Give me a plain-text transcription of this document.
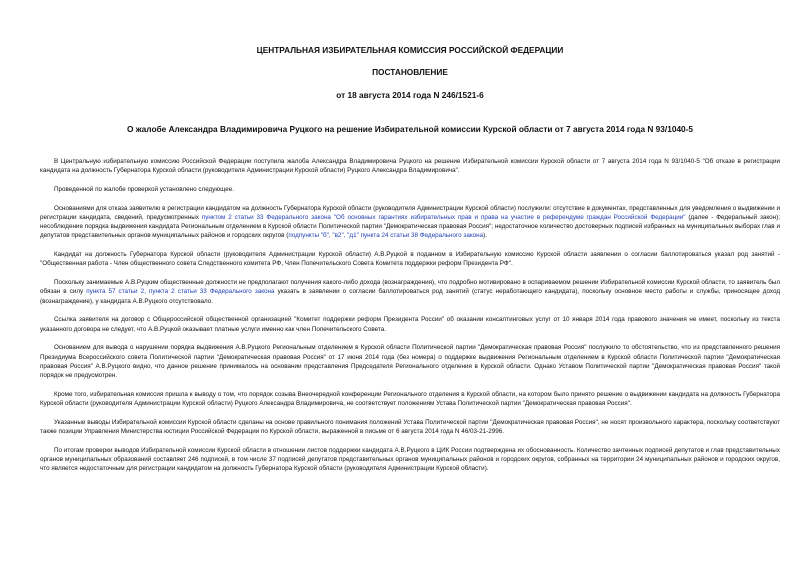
ЦЕНТРАЛЬНАЯ ИЗБИРАТЕЛЬНАЯ КОМИССИЯ РОССИЙСКОЙ ФЕДЕРАЦИИ
ПОСТАНОВЛЕНИЕ
от 18 августа 2014 года N 246/1521-6
О жалобе Александра Владимировича Руцкого на решение Избирательной комиссии Курской области от 7 августа 2014 года N 93/1040-5

В Центральную избирательную комиссию Российской Федерации поступила жалоба Александра Владимировича Руцкого на решение Избирательной комиссии Курской области от 7 августа 2014 года N 93/1040-5 "Об отказе в регистрации кандидата на должность Губернатора Курской области (руководителя Администрации Курской области) Руцкого Александра Владимировича".

Проведенной по жалобе проверкой установлено следующее.

Основаниями для отказа заявителю в регистрации кандидатом на должность Губернатора Курской области (руководителя Администрации Курской области) послужили: отсутствие в документах, представленных для уведомления о выдвижении и регистрации кандидата, сведений, предусмотренных пунктом 2 статьи 33 Федерального закона "Об основных гарантиях избирательных прав и права на участие в референдуме граждан Российской Федерации" (далее - Федеральный закон); несоблюдение порядка выдвижения кандидата Региональным отделением в Курской области Политической партии "Демократическая правовая Россия"; недостаточное количество достоверных подписей избранных на муниципальных выборах глав и депутатов представительных органов муниципальных районов и городских округов (подпункты "б", "в2", "д1" пункта 24 статьи 38 Федерального закона).

Кандидат на должность Губернатора Курской области (руководителя Администрации Курской области) А.В.Руцкой в поданном в Избирательную комиссию Курской области заявлении о согласии баллотироваться указал род занятий - "Общественная работа - Член общественного совета Следственного комитета РФ, Член Попечительского Совета Комитета поддержки реформ Президента РФ".

Поскольку занимаемые А.В.Руцким общественные должности не предполагают получения какого-либо дохода (вознаграждения), что подробно мотивировано в оспариваемом решении Избирательной комиссии Курской области, то заявитель был обязан в силу пункта 57 статьи 2, пункта 2 статьи 33 Федерального закона указать в заявлении о согласии баллотироваться род занятий (статус неработающего кандидата), поскольку основное место работы и службы, приносящее доход (вознаграждение), у кандидата А.В.Руцкого отсутствовало.

Ссылка заявителя на договор с Общероссийской общественной организацией "Комитет поддержки реформ Президента России" об оказании консалтинговых услуг от 10 января 2014 года правового значения не имеет, поскольку из текста указанного договора не следует, что А.В.Руцкой оказывает платные услуги именно как член Попечительского Совета.

Основанием для вывода о нарушении порядка выдвижения А.В.Руцкого Региональным отделением в Курской области Политической партии "Демократическая правовая Россия" послужило то обстоятельство, что из представленного решения Президиума Всероссийского совета Политической партии "Демократическая правовая Россия" от 17 июня 2014 года (без номера) о поддержке выдвижения Региональным отделением в Курской области Политической партии "Демократическая правовая Россия" А.В.Руцкого видно, что данное решение принималось на основании представления Председателя Регионального отделения в Курской области. Однако Уставом Политической партии "Демократическая правовая Россия" такой порядок не предусмотрен.

Кроме того, избирательная комиссия пришла к выводу о том, что порядок созыва Внеочередной конференции Регионального отделения в Курской области, на котором было принято решение о выдвижении кандидата на должность Губернатора Курской области (руководителя Администрации Курской области) Руцкого Александра Владимировича, не соответствует положениям Устава Политической партии "Демократическая правовая Россия".

Указанные выводы Избирательной комиссии Курской области сделаны на основе правильного понимания положений Устава Политической партии "Демократическая правовая Россия", не носят произвольного характера, поскольку соответствуют также позиции Управления Министерства юстиции Российской Федерации по Курской области, выраженной в письме от 6 августа 2014 года N 46/03-21-2996.

По итогам проверки выводов Избирательной комиссии Курской области в отношении листов поддержки кандидата А.В.Руцкого в ЦИК России подтверждена их обоснованность. Количество зачтенных подписей депутатов и глав представительных органов муниципальных образований составляет 246 подписей, в том числе 37 подписей депутатов представительных органов муниципальных районов и городских округов, собранных на территории 24 муниципальных районов и городских округов, что является недостаточным для регистрации кандидатом на должность Губернатора Курской области (руководителя Администрации Курской области).
